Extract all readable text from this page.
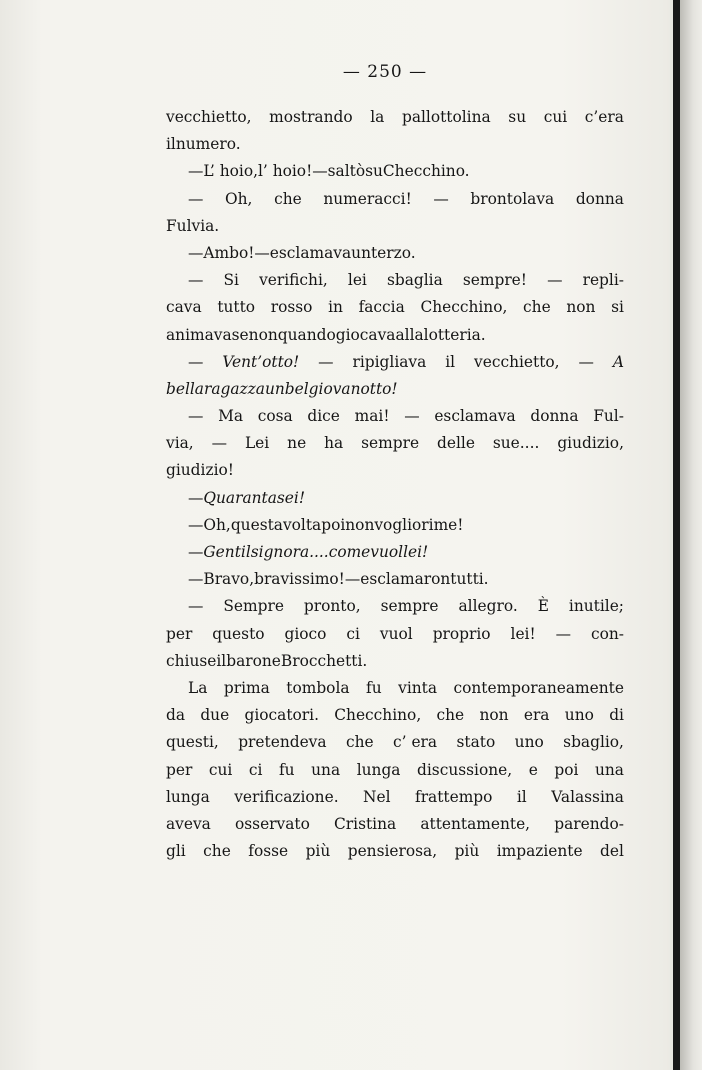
— 250 —
vecchietto, mostrando la pallottolina su cui c’era
il numero.
— L’ ho io, l’ ho io! — saltò su Checchino.
— Oh, che numeracci! — brontolava donna
Fulvia.
— Ambo! — esclamava un terzo.
— Si verifichi, lei sbaglia sempre! — repli-
cava tutto rosso in faccia Checchino, che non si
animava se non quando giocava alla lotteria.
— Vent’otto! — ripigliava il vecchietto, — A
bella ragazza un bel giovanotto!
— Ma cosa dice mai! — esclamava donna Ful-
via, — Lei ne ha sempre delle sue.... giudizio,
giudizio!
— Quarantasei!
— Oh, questa volta poi non voglio rime!
— Gentil signora.... come vuol lei!
— Bravo, bravissimo! — esclamaron tutti.
— Sempre pronto, sempre allegro. È inutile;
per questo gioco ci vuol proprio lei! — con-
chiuse il barone Brocchetti.
La prima tombola fu vinta contemporaneamente
da due giocatori. Checchino, che non era uno di
questi, pretendeva che c’ era stato uno sbaglio,
per cui ci fu una lunga discussione, e poi una
lunga verificazione. Nel frattempo il Valassina
aveva osservato Cristina attentamente, parendo-
gli che fosse più pensierosa, più impaziente del
